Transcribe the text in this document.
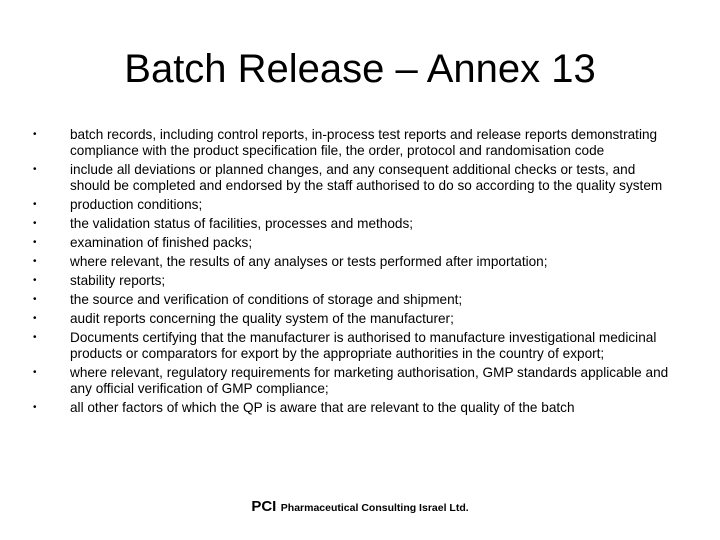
Batch Release – Annex 13
• batch records, including control reports, in-process test reports and release reports demonstrating compliance with the product specification file, the order, protocol and randomisation code
• include all deviations or planned changes, and any consequent additional checks or tests, and should be completed and endorsed by the staff authorised to do so according to the quality system
• production conditions;
• the validation status of facilities, processes and methods;
• examination of finished packs;
• where relevant, the results of any analyses or tests performed after importation;
• stability reports;
• the source and verification of conditions of storage and shipment;
• audit reports concerning the quality system of the manufacturer;
• Documents certifying that the manufacturer is authorised to manufacture investigational medicinal products or comparators for export by the appropriate authorities in the country of export;
• where relevant, regulatory requirements for marketing authorisation, GMP standards applicable and any official verification of GMP compliance;
• all other factors of which the QP is aware that are relevant to the quality of the batch
PCI Pharmaceutical Consulting Israel Ltd.
